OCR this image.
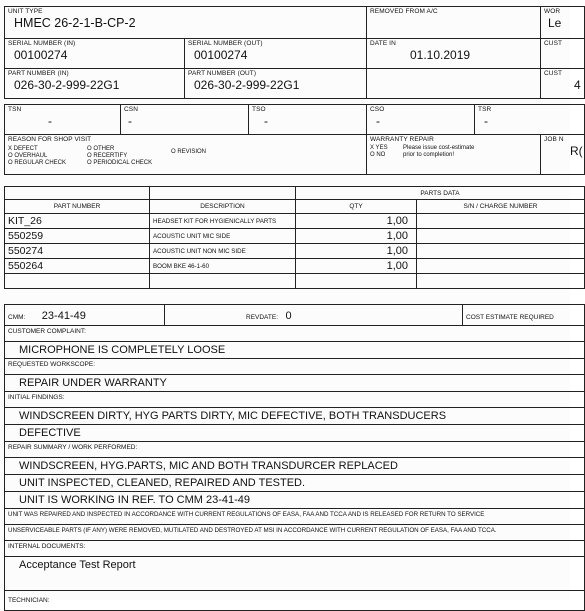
UNIT TYPE
HMEC 26-2-1-B-CP-2		REMOVED FROM A/C	WOR
Le

SERIAL NUMBER (IN)
00100274	SERIAL NUMBER (OUT)
00100274	DATE IN
01.10.2019	CUST

PART NUMBER (IN)
026-30-2-999-22G1	PART NUMBER (OUT)
026-30-2-999-22G1		CUST
4
TSN
-

CSN
-

TSO
-

CSO
-

TSR
-
REASON FOR SHOP VISIT
X DEFECT
O OVERHAUL
O REGULAR CHECK
O OTHER
O RECERTIFY
O PERIODICAL CHECK
O REVISION

WARRANTY REPAIR
X YES
O NO
Please issue cost-estimate
prior to completion!

JOB N
R(
		PARTS DATA	
PART NUMBER	DESCRIPTION	QTY	S/N / CHARGE NUMBER
KIT_26	HEADSET KIT FOR HYGIENICALLY PARTS	1,00	
550259	ACOUSTIC UNIT MIC SIDE	1,00	
550274	ACOUSTIC UNIT NON MIC SIDE	1,00	
550264	BOOM BKE 46-1-60	1,00	

CMM: 23-41-49	REVDATE: 0	COST ESTIMATE REQUIRED
CUSTOMER COMPLAINT:
MICROPHONE IS COMPLETELY LOOSE
REQUESTED WORKSCOPE:
REPAIR UNDER WARRANTY
INITIAL FINDINGS:
WINDSCREEN DIRTY, HYG PARTS DIRTY, MIC DEFECTIVE, BOTH TRANSDUCERS
DEFECTIVE
REPAIR SUMMARY / WORK PERFORMED:
WINDSCREEN, HYG.PARTS, MIC AND BOTH TRANSDURCER REPLACED
UNIT INSPECTED, CLEANED, REPAIRED AND TESTED.
UNIT IS WORKING IN REF. TO CMM 23-41-49
UNIT WAS REPAIRED AND INSPECTED IN ACCORDANCE WITH CURRENT REGULATIONS OF EASA, FAA AND TCCA AND IS RELEASED FOR RETURN TO SERVICE
UNSERVICEABLE PARTS (IF ANY) WERE REMOVED, MUTILATED AND DESTROYED AT MSI IN ACCORDANCE WITH CURRENT REGULATION OF EASA, FAA AND TCCA.
INTERNAL DOCUMENTS:
Acceptance Test Report
TECHNICIAN:
